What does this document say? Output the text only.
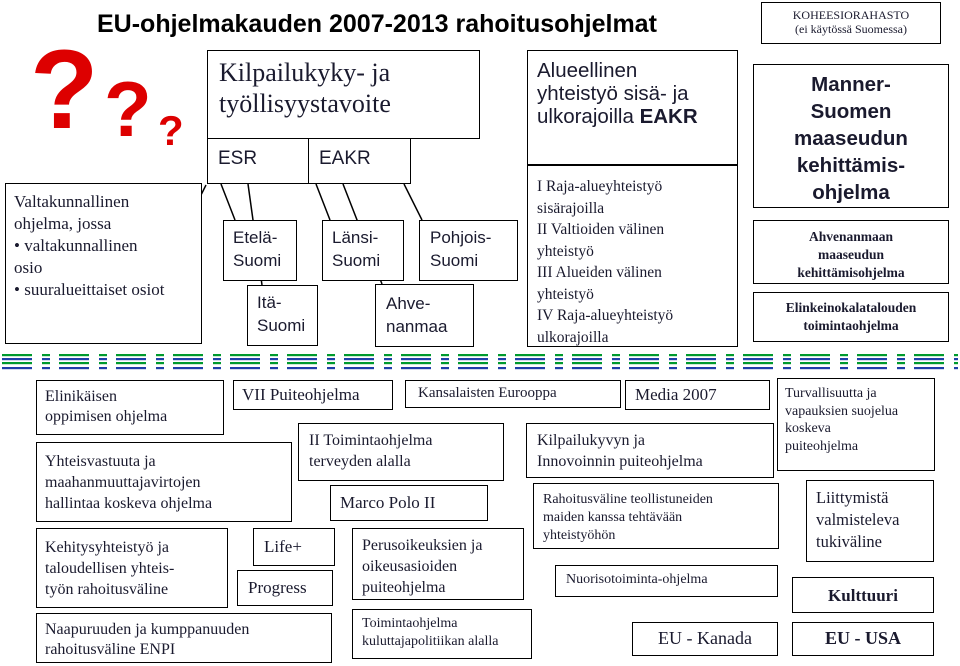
EU-ohjelmakauden 2007-2013 rahoitusohjelmat
? ? ?
KOHEESIORAHASTO
(ei käytössä Suomessa)
Valtakunnallinen
ohjelma, jossa
• valtakunnallinen
osio
• suuralueittaiset osiot
Kilpailukyky- ja
työllisyystavoite
ESR	EAKR
Etelä-
Suomi
Itä-
Suomi
Länsi-
Suomi
Ahve-
nanmaa
Pohjois-
Suomi
Alueellinen
yhteistyö sisä- ja
ulkorajoilla EAKR
I Raja-alueyhteistyö
sisärajoilla
II Valtioiden välinen
yhteistyö
III Alueiden välinen
yhteistyö
IV Raja-alueyhteistyö
ulkorajoilla
Manner-
Suomen
maaseudun
kehittämis-
ohjelma
Ahvenanmaan
maaseudun
kehittämisohjelma
Elinkeinokalatalouden
toimintaohjelma
Elinikäisen
oppimisen ohjelma
VII Puiteohjelma	Kansalaisten Eurooppa	Media 2007	Turvallisuutta ja
vapauksien suojelua
koskeva
puiteohjelma
II Toimintaohjelma
terveyden alalla
Kilpailukyvyn ja
Innovoinnin puiteohjelma
Yhteisvastuuta ja
maahanmuuttajavirtojen
hallintaa koskeva ohjelma	Marco Polo II	Rahoitusväline teollistuneiden
maiden kanssa tehtävään
yhteistyöhön
Liittymistä
valmisteleva
tukiväline
Kehitysyhteistyö ja
taloudellisen yhteis-
työn rahoitusväline
Life+	Perusoikeuksien ja
oikeusasioiden
puiteohjelma
Progress	Nuorisotoiminta-ohjelma
Kulttuuri
Naapuruuden ja kumppanuuden
rahoitusväline ENPI
Toimintaohjelma
kuluttajapolitiikan alalla	EU - Kanada	EU - USA
